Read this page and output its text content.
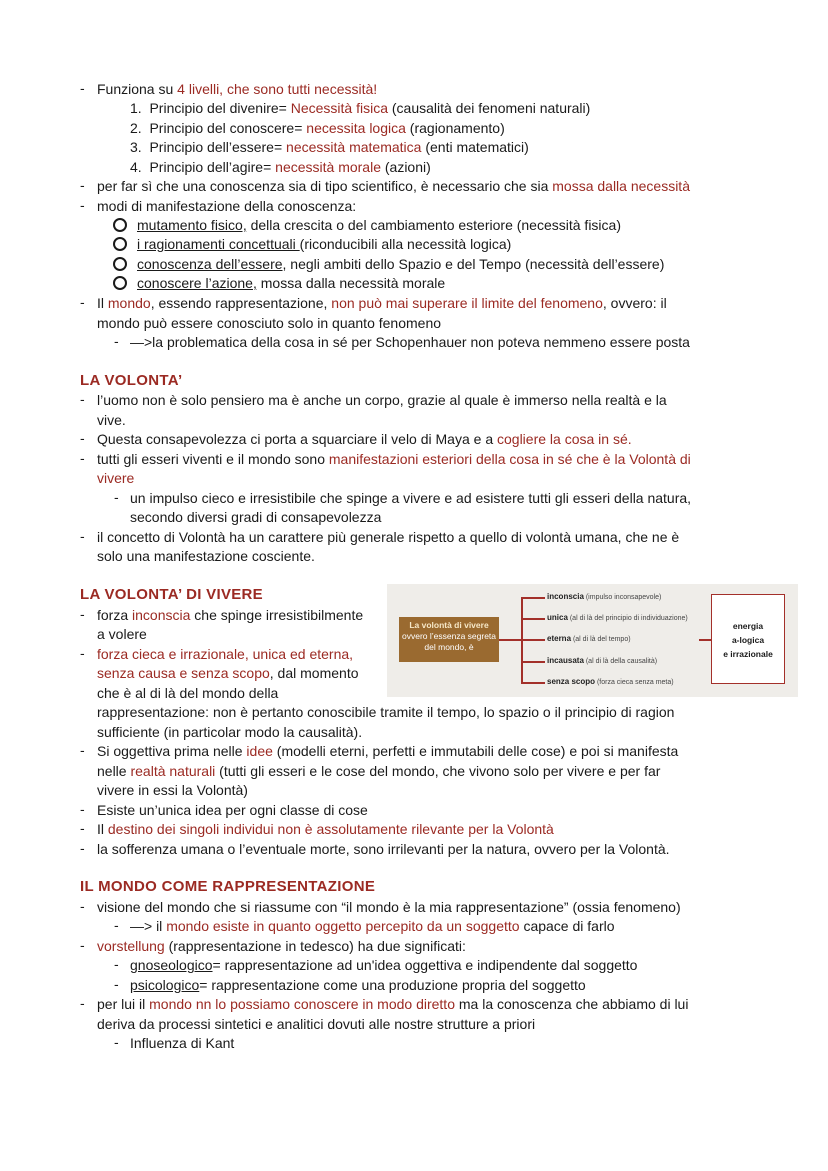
- Funziona su 4 livelli, che sono tutti necessità!
1. Principio del divenire= Necessità fisica (causalità dei fenomeni naturali)
2. Principio del conoscere= necessita logica (ragionamento)
3. Principio dell’essere= necessità matematica (enti matematici)
4. Principio dell’agire= necessità morale (azioni)
- per far sì che una conoscenza sia di tipo scientifico, è necessario che sia mossa dalla necessità
- modi di manifestazione della conoscenza:
mutamento fisico, della crescita o del cambiamento esteriore (necessità fisica)
i ragionamenti concettuali (riconducibili alla necessità logica)
conoscenza dell’essere, negli ambiti dello Spazio e del Tempo (necessità dell’essere)
conoscere l’azione, mossa dalla necessità morale
- Il mondo, essendo rappresentazione, non può mai superare il limite del fenomeno, ovvero: il
mondo può essere conosciuto solo in quanto fenomeno
- —>la problematica della cosa in sé per Schopenhauer non poteva nemmeno essere posta
LA VOLONTA’
- l’uomo non è solo pensiero ma è anche un corpo, grazie al quale è immerso nella realtà e la
vive.
- Questa consapevolezza ci porta a squarciare il velo di Maya e a cogliere la cosa in sé.
- tutti gli esseri viventi e il mondo sono manifestazioni esteriori della cosa in sé che è la Volontà di
vivere
- un impulso cieco e irresistibile che spinge a vivere e ad esistere tutti gli esseri della natura,
secondo diversi gradi di consapevolezza
- il concetto di Volontà ha un carattere più generale rispetto a quello di volontà umana, che ne è
solo una manifestazione cosciente.
LA VOLONTA’ DI VIVERE
- forza inconscia che spinge irresistibilmente
a volere
- forza cieca e irrazionale, unica ed eterna,
senza causa e senza scopo, dal momento
che è al di là del mondo della
rappresentazione: non è pertanto conoscibile tramite il tempo, lo spazio o il principio di ragion
sufficiente (in particolar modo la causalità).
- Si oggettiva prima nelle idee (modelli eterni, perfetti e immutabili delle cose) e poi si manifesta
nelle realtà naturali (tutti gli esseri e le cose del mondo, che vivono solo per vivere e per far
vivere in essi la Volontà)
- Esiste un’unica idea per ogni classe di cose
- Il destino dei singoli individui non è assolutamente rilevante per la Volontà
- la sofferenza umana o l’eventuale morte, sono irrilevanti per la natura, ovvero per la Volontà.
La volontà di vivere
ovvero l’essenza segreta
del mondo, è
inconscia (impulso inconsapevole)
unica (al di là del principio di individuazione)
eterna (al di là del tempo)
incausata (al di là della causalità)
senza scopo (forza cieca senza meta)
energia
a-logica
e irrazionale
IL MONDO COME RAPPRESENTAZIONE
- visione del mondo che si riassume con “il mondo è la mia rappresentazione” (ossia fenomeno)
- —> il mondo esiste in quanto oggetto percepito da un soggetto capace di farlo
- vorstellung (rappresentazione in tedesco) ha due significati:
- gnoseologico= rappresentazione ad un'idea oggettiva e indipendente dal soggetto
- psicologico= rappresentazione come una produzione propria del soggetto
- per lui il mondo nn lo possiamo conoscere in modo diretto ma la conoscenza che abbiamo di lui
deriva da processi sintetici e analitici dovuti alle nostre strutture a priori
- Influenza di Kant
